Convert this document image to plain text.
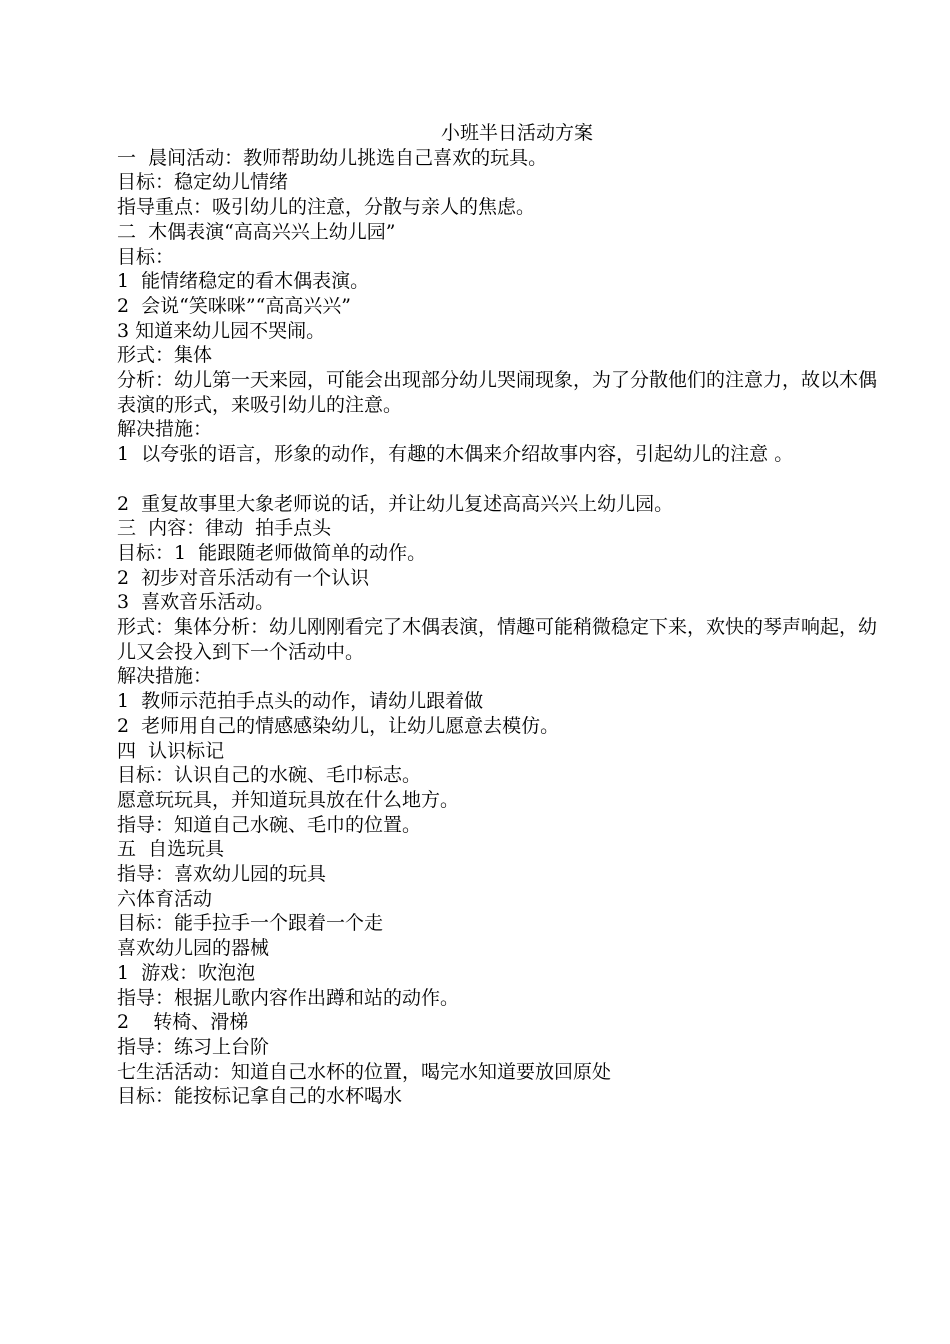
小班半日活动方案
一  晨间活动：教师帮助幼儿挑选自己喜欢的玩具。
目标：稳定幼儿情绪
指导重点：吸引幼儿的注意，分散与亲人的焦虑。
二  木偶表演“高高兴兴上幼儿园”
目标：
1  能情绪稳定的看木偶表演。
2  会说“笑咪咪”“高高兴兴”
3 知道来幼儿园不哭闹。
形式：集体
分析：幼儿第一天来园，可能会出现部分幼儿哭闹现象，为了分散他们的注意力，故以木偶表演的形式，来吸引幼儿的注意。
解决措施：
1  以夸张的语言，形象的动作，有趣的木偶来介绍故事内容，引起幼儿的注意 。
2  重复故事里大象老师说的话，并让幼儿复述高高兴兴上幼儿园。
三  内容：律动  拍手点头
目标：1  能跟随老师做简单的动作。
2  初步对音乐活动有一个认识
3  喜欢音乐活动。
形式：集体分析：幼儿刚刚看完了木偶表演，情趣可能稍微稳定下来，欢快的琴声响起，幼儿又会投入到下一个活动中。
解决措施：
1  教师示范拍手点头的动作，请幼儿跟着做
2  老师用自己的情感感染幼儿，让幼儿愿意去模仿。
四  认识标记
目标：认识自己的水碗、毛巾标志。
愿意玩玩具，并知道玩具放在什么地方。
指导：知道自己水碗、毛巾的位置。
五  自选玩具
指导：喜欢幼儿园的玩具
六体育活动
目标：能手拉手一个跟着一个走
喜欢幼儿园的器械
1  游戏：吹泡泡
指导：根据儿歌内容作出蹲和站的动作。
2    转椅、滑梯
指导：练习上台阶
七生活活动：知道自己水杯的位置，喝完水知道要放回原处
目标：能按标记拿自己的水杯喝水
